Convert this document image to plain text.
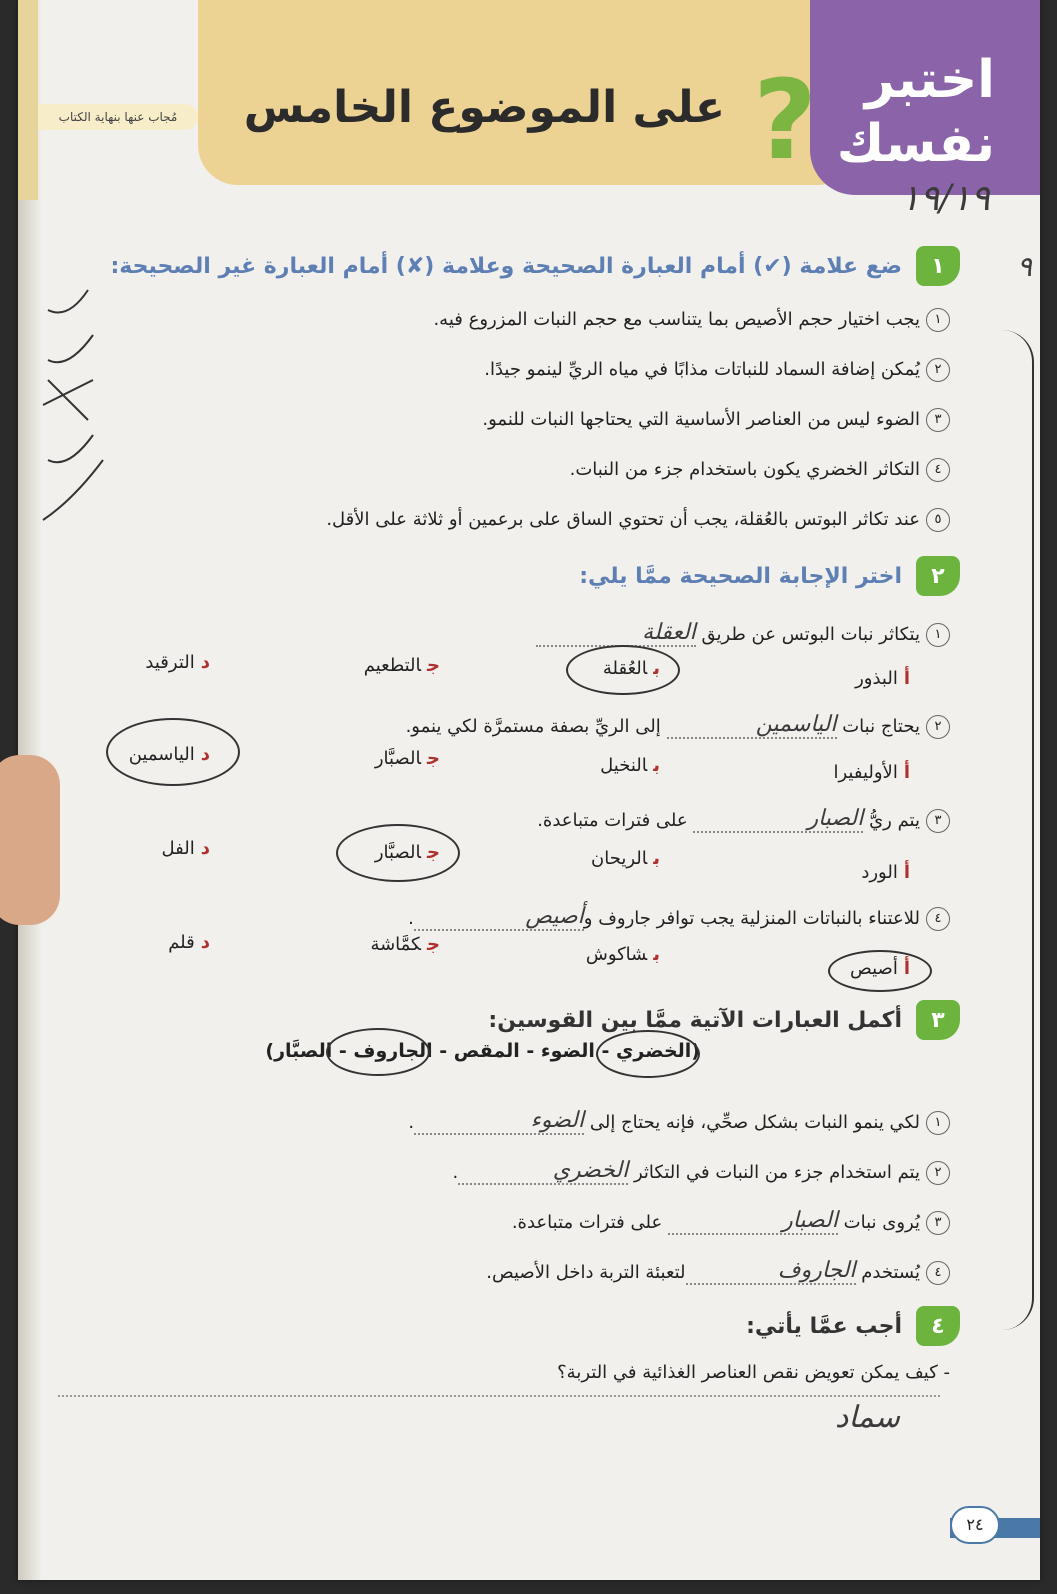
اختبر
نفسك
?
على الموضوع الخامس
مُجاب عنها بنهاية الكتاب
١٩/١٩
٩
١
ضع علامة (✔) أمام العبارة الصحيحة وعلامة (✘) أمام العبارة غير الصحيحة:
١يجب اختيار حجم الأصيص بما يتناسب مع حجم النبات المزروع فيه.
٢يُمكن إضافة السماد للنباتات مذابًا في مياه الريِّ لينمو جيدًا.
٣الضوء ليس من العناصر الأساسية التي يحتاجها النبات للنمو.
٤التكاثر الخضري يكون باستخدام جزء من النبات.
٥عند تكاثر البوتس بالعُقلة، يجب أن تحتوي الساق على برعمين أو ثلاثة على الأقل.
٢
اختر الإجابة الصحيحة ممَّا يلي:
١يتكاثر نبات البوتس عن طريق العقلة
أالبذور
بالعُقلة
جالتطعيم
دالترقيد
٢يحتاج نبات الياسمين إلى الريِّ بصفة مستمرَّة لكي ينمو.
أالأوليفيرا
بالنخيل
جالصبَّار
دالياسمين
٣يتم ريُّ الصبار على فترات متباعدة.
أالورد
بالريحان
جالصبَّار
دالفل
٤للاعتناء بالنباتات المنزلية يجب توافر جاروف وأصيص.
أأصيص
بشاكوش
جكمَّاشة
دقلم
٣
أكمل العبارات الآتية ممَّا بين القوسين:
(الخضري - الضوء - المقص - الجاروف - الصبَّار)
١لكي ينمو النبات بشكل صحِّي، فإنه يحتاج إلى الضوء.
٢يتم استخدام جزء من النبات في التكاثر الخضري.
٣يُروى نبات الصبار على فترات متباعدة.
٤يُستخدم الجاروفلتعبئة التربة داخل الأصيص.
٤
أجب عمَّا يأتي:
- كيف يمكن تعويض نقص العناصر الغذائية في التربة؟
سماد
٢٤
